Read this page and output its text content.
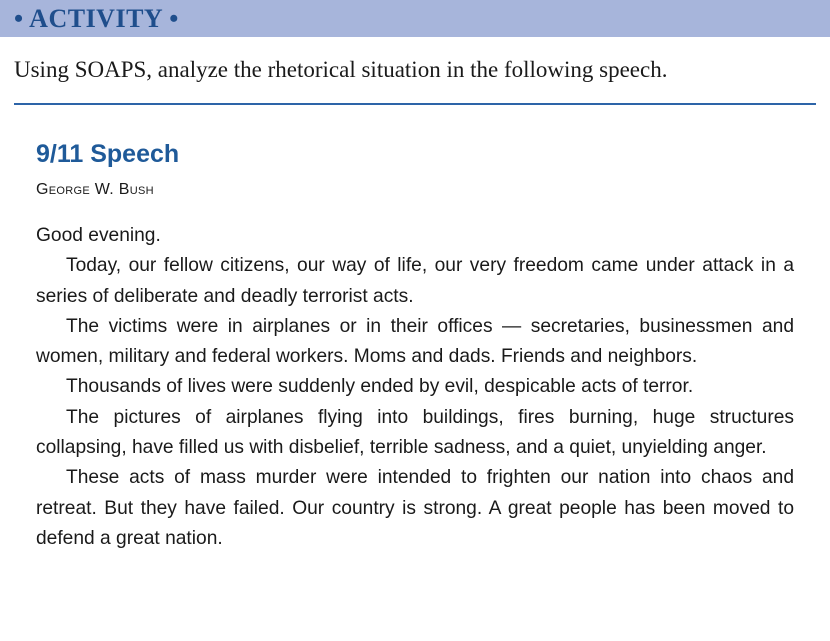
• ACTIVITY •
Using SOAPS, analyze the rhetorical situation in the following speech.
9/11 Speech
George W. Bush

Good evening.

Today, our fellow citizens, our way of life, our very freedom came under attack in a series of deliberate and deadly terrorist acts.

The victims were in airplanes or in their offices — secretaries, businessmen and women, military and federal workers. Moms and dads. Friends and neighbors.

Thousands of lives were suddenly ended by evil, despicable acts of terror.

The pictures of airplanes flying into buildings, fires burning, huge structures collapsing, have filled us with disbelief, terrible sadness, and a quiet, unyielding anger.

These acts of mass murder were intended to frighten our nation into chaos and retreat. But they have failed. Our country is strong. A great people has been moved to defend a great nation.
